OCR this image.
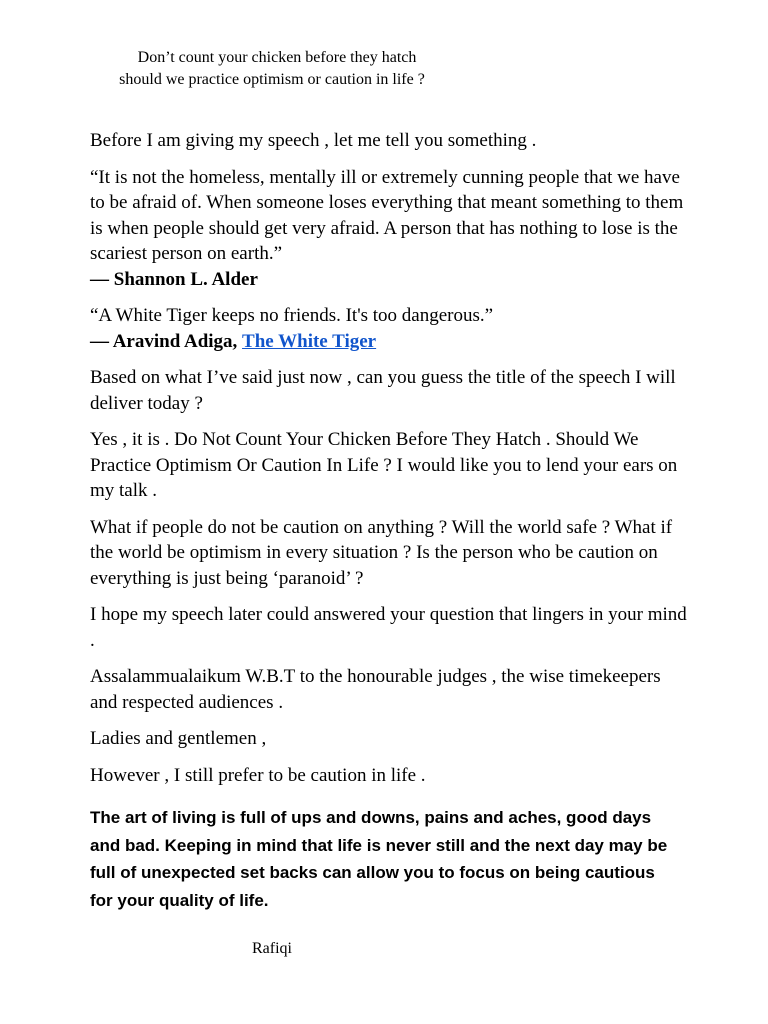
Don’t count your chicken before they hatch
should we practice optimism or caution in life ?

Before I am giving my speech , let me tell you something .

“It is not the homeless, mentally ill or extremely cunning people that we have to be afraid of. When someone loses everything that meant something to them is when people should get very afraid. A person that has nothing to lose is the scariest person on earth.”
― Shannon L. Alder
“A White Tiger keeps no friends. It's too dangerous.”
― Aravind Adiga, The White Tiger

Based on what I’ve said just now , can you guess the title of the speech I will deliver today ?

Yes , it is . Do Not Count Your Chicken Before They Hatch . Should We Practice Optimism Or Caution In Life ? I would like you to lend your ears on my talk .

What if people do not be caution on anything ? Will the world safe ? What if the world be optimism in every situation ? Is the person who be caution on everything is just being ‘paranoid’ ?

I hope my speech later could answered your question that lingers in your mind .

Assalammualaikum W.B.T to the honourable judges , the wise timekeepers and respected audiences .

Ladies and gentlemen ,

However , I still prefer to be caution in life .

The art of living is full of ups and downs, pains and aches, good days and bad. Keeping in mind that life is never still and the next day may be full of unexpected set backs can allow you to focus on being cautious for your quality of life.

Rafiqi
